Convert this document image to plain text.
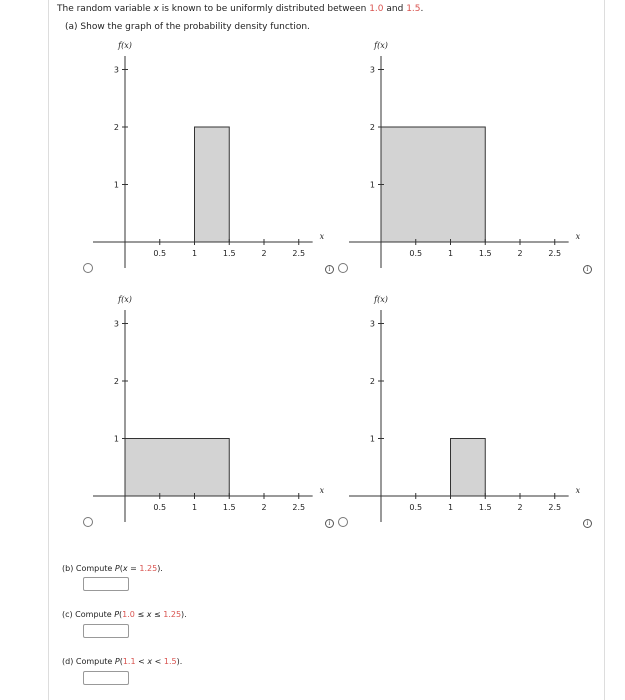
The random variable x is known to be uniformly distributed between 1.0 and 1.5.
(a) Show the graph of the probability density function.
0.5	1	1.5	2	2.5
1
2
3
f(x)
x
i
0.5	1	1.5	2	2.5
1
2
3
f(x)
x
i
0.5	1	1.5	2	2.5
1
2
3
f(x)
x
i
0.5	1	1.5	2	2.5
1
2
3
f(x)
x
i
(b) Compute P(x = 1.25).
(c) Compute P(1.0 ≤ x ≤ 1.25).
(d) Compute P(1.1 < x < 1.5).
